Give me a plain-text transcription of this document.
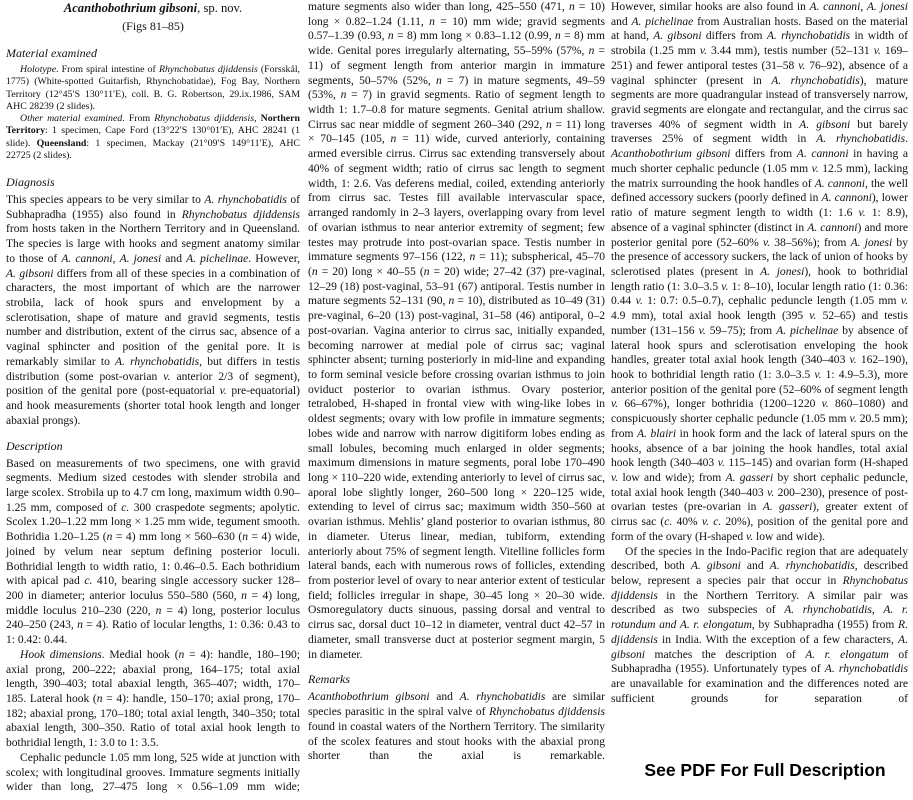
Acanthobothrium gibsoni, sp. nov.
(Figs 81–85)
Material examined

Holotype. From spiral intestine of Rhynchobatus djiddensis (Forsskål, 1775) (White-spotted Guitarfish, Rhynchobatidae), Fog Bay, Northern Territory (12°45′S 130°11′E), coll. B. G. Robertson, 29.ix.1986, SAM AHC 28239 (2 slides).

Other material examined. From Rhynchobatus djiddensis, Northern Territory: 1 specimen, Cape Ford (13°22′S 130°01′E), AHC 28241 (1 slide). Queensland: 1 specimen, Mackay (21°09′S 149°11′E), AHC 22725 (2 slides).

Diagnosis

This species appears to be very similar to A. rhynchobatidis of Subhapradha (1955) also found in Rhynchobatus djiddensis from hosts taken in the Northern Territory and in Queensland. The species is large with hooks and segment anatomy similar to those of A. cannoni, A. jonesi and A. pichelinae. However, A. gibsoni differs from all of these species in a combination of characters, the most important of which are the narrower strobila, lack of hook spurs and envelopment by a sclerotisation, shape of mature and gravid segments, testis number and distribution, extent of the cirrus sac, absence of a vaginal sphincter and position of the genital pore. It is remarkably similar to A. rhynchobatidis, but differs in testis distribution (some post-ovarian v. anterior 2/3 of segment), position of the genital pore (post-equatorial v. pre-equatorial) and hook measurements (shorter total hook length and longer abaxial prongs).

Description

Based on measurements of two specimens, one with gravid segments. Medium sized cestodes with slender strobila and large scolex. Strobila up to 4.7 cm long, maximum width 0.90–1.25 mm, composed of c. 300 craspedote segments; apolytic. Scolex 1.20–1.22 mm long × 1.25 mm wide, tegument smooth. Bothridia 1.20–1.25 (n = 4) mm long × 560–630 (n = 4) wide, joined by velum near septum defining posterior loculi. Bothridial length to width ratio, 1: 0.46–0.5. Each bothridium with apical pad c. 410, bearing single accessory sucker 128–200 in diameter; anterior loculus 550–580 (560, n = 4) long, middle loculus 210–230 (220, n = 4) long, posterior loculus 240–250 (243, n = 4). Ratio of locular lengths, 1: 0.36: 0.43 to 1: 0.42: 0.44.

Hook dimensions. Medial hook (n = 4): handle, 180–190; axial prong, 200–222; abaxial prong, 164–175; total axial length, 390–403; total abaxial length, 365–407; width, 170–185. Lateral hook (n = 4): handle, 150–170; axial prong, 170–182; abaxial prong, 170–180; total axial length, 340–350; total abaxial length, 300–350. Ratio of total axial hook length to bothridial length, 1: 3.0 to 1: 3.5.

Cephalic peduncle 1.05 mm long, 525 wide at junction with scolex; with longitudinal grooves. Immature segments initially wider than long, 27–475 long × 0.56–1.09 mm wide;

mature segments also wider than long, 425–550 (471, n = 10) long × 0.82–1.24 (1.11, n = 10) mm wide; gravid segments 0.57–1.39 (0.93, n = 8) mm long × 0.83–1.12 (0.99, n = 8) mm wide. Genital pores irregularly alternating, 55–59% (57%, n = 11) of segment length from anterior margin in immature segments, 50–57% (52%, n = 7) in mature segments, 49–59 (53%, n = 7) in gravid segments. Ratio of segment length to width 1: 1.7–0.8 for mature segments. Genital atrium shallow. Cirrus sac near middle of segment 260–340 (292, n = 11) long × 70–145 (105, n = 11) wide, curved anteriorly, containing armed eversible cirrus. Cirrus sac extending transversely about 40% of segment width; ratio of cirrus sac length to segment width, 1: 2.6. Vas deferens medial, coiled, extending anteriorly from cirrus sac. Testes fill available intervascular space, arranged randomly in 2–3 layers, overlapping ovary from level of ovarian isthmus to near anterior extremity of segment; few testes may protrude into post-ovarian space. Testis number in immature segments 97–156 (122, n = 11); subspherical, 45–70 (n = 20) long × 40–55 (n = 20) wide; 27–42 (37) pre-vaginal, 12–29 (18) post-vaginal, 53–91 (67) antiporal. Testis number in mature segments 52–131 (90, n = 10), distributed as 10–49 (31) pre-vaginal, 6–20 (13) post-vaginal, 31–58 (46) antiporal, 0–2 post-ovarian. Vagina anterior to cirrus sac, initially expanded, becoming narrower at medial pole of cirrus sac; vaginal sphincter absent; turning posteriorly in mid-line and expanding to form seminal vesicle before crossing ovarian isthmus to join oviduct posterior to ovarian isthmus. Ovary posterior, tetralobed, H-shaped in frontal view with wing-like lobes in oldest segments; ovary with low profile in immature segments; lobes wide and narrow with narrow digitiform lobes ending as small lobules, becoming much enlarged in older segments; maximum dimensions in mature segments, poral lobe 170–490 long × 110–220 wide, extending anteriorly to level of cirrus sac, aporal lobe slightly longer, 260–500 long × 220–125 wide, extending to level of cirrus sac; maximum width 350–560 at ovarian isthmus. Mehlis’ gland posterior to ovarian isthmus, 80 in diameter. Uterus linear, median, tubiform, extending anteriorly about 75% of segment length. Vitelline follicles form lateral bands, each with numerous rows of follicles, extending from posterior level of ovary to near anterior extent of testicular field; follicles irregular in shape, 30–45 long × 20–30 wide. Osmoregulatory ducts sinuous, passing dorsal and ventral to cirrus sac, dorsal duct 10–12 in diameter, ventral duct 42–57 in diameter, small transverse duct at posterior segment margin, 5 in diameter.

Remarks

Acanthobothrium gibsoni and A. rhynchobatidis are similar species parasitic in the spiral valve of Rhynchobatus djiddensis found in coastal waters of the Northern Territory. The similarity of the scolex features and stout hooks with the abaxial prong shorter than the axial is remarkable.

However, similar hooks are also found in A. cannoni, A. jonesi and A. pichelinae from Australian hosts. Based on the material at hand, A. gibsoni differs from A. rhynchobatidis in width of strobila (1.25 mm v. 3.44 mm), testis number (52–131 v. 169–251) and fewer antiporal testes (31–58 v. 76–92), absence of a vaginal sphincter (present in A. rhynchobatidis), mature segments are more quadrangular instead of transversely narrow, gravid segments are elongate and rectangular, and the cirrus sac traverses 40% of segment width in A. gibsoni but barely traverses 25% of segment width in A. rhynchobatidis. Acanthobothrium gibsoni differs from A. cannoni in having a much shorter cephalic peduncle (1.05 mm v. 12.5 mm), lacking the matrix surrounding the hook handles of A. cannoni, the well defined accessory suckers (poorly defined in A. cannoni), lower ratio of mature segment length to width (1: 1.6 v. 1: 8.9), absence of a vaginal sphincter (distinct in A. cannoni) and more posterior genital pore (52–60% v. 38–56%); from A. jonesi by the presence of accessory suckers, the lack of union of hooks by sclerotised plates (present in A. jonesi), hook to bothridial length ratio (1: 3.0–3.5 v. 1: 8–10), locular length ratio (1: 0.36: 0.44 v. 1: 0.7: 0.5–0.7), cephalic peduncle length (1.05 mm v. 4.9 mm), total axial hook length (395 v. 52–65) and testis number (131–156 v. 59–75); from A. pichelinae by absence of lateral hook spurs and sclerotisation enveloping the hook handles, greater total axial hook length (340–403 v. 162–190), hook to bothridial length ratio (1: 3.0–3.5 v. 1: 4.9–5.3), more anterior position of the genital pore (52–60% of segment length v. 66–67%), longer bothridia (1200–1220 v. 860–1080) and conspicuously shorter cephalic peduncle (1.05 mm v. 20.5 mm); from A. blairi in hook form and the lack of lateral spurs on the hooks, absence of a bar joining the hook handles, total axial hook length (340–403 v. 115–145) and ovarian form (H-shaped v. low and wide); from A. gasseri by short cephalic peduncle, total axial hook length (340–403 v. 200–230), presence of post-ovarian testes (pre-ovarian in A. gasseri), greater extent of cirrus sac (c. 40% v. c. 20%), position of the genital pore and form of the ovary (H-shaped v. low and wide).

Of the species in the Indo-Pacific region that are adequately described, both A. gibsoni and A. rhynchobatidis, described below, represent a species pair that occur in Rhynchobatus djiddensis in the Northern Territory. A similar pair was described as two subspecies of A. rhynchobatidis, A. r. rotundum and A. r. elongatum, by Subhapradha (1955) from R. djiddensis in India. With the exception of a few characters, A. gibsoni matches the description of A. r. elongatum of Subhapradha (1955). Unfortunately types of A. rhynchobatidis are unavailable for examination and the differences noted are sufficient grounds for separation of

See PDF For Full Description
